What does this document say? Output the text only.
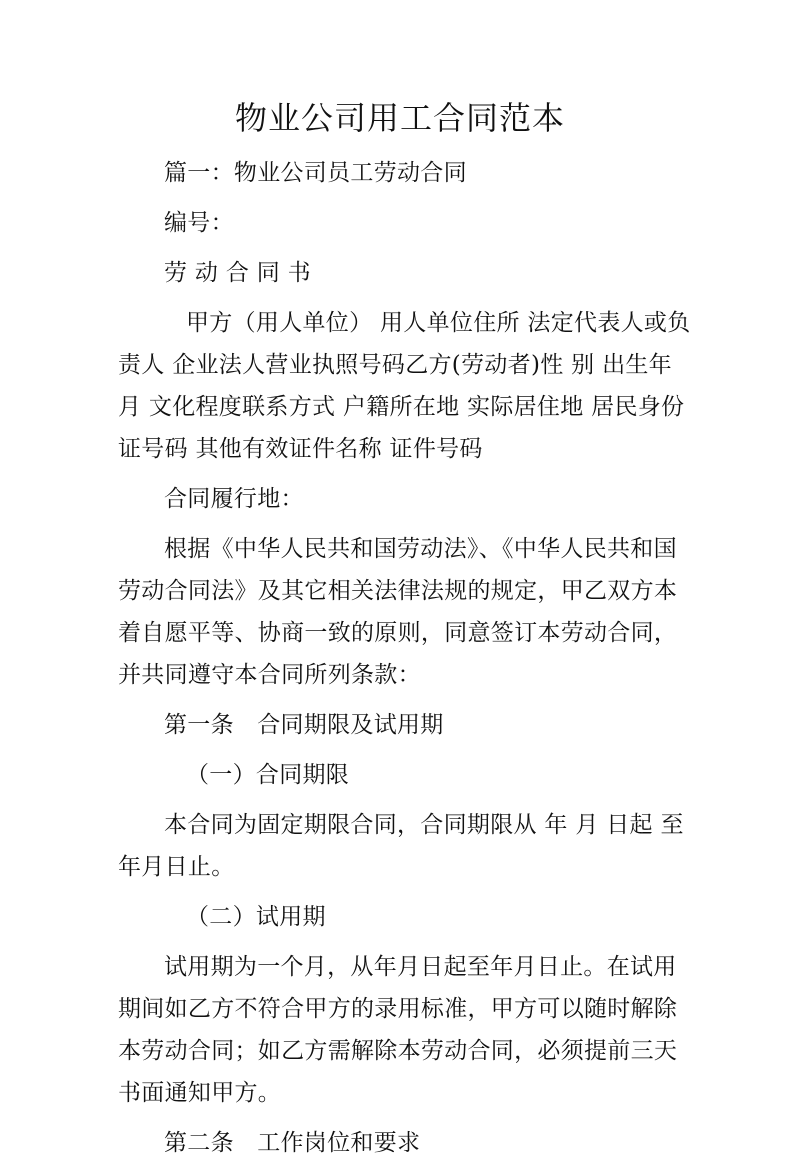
物业公司用工合同范本

篇一：物业公司员工劳动合同

编号：

劳 动 合 同 书

甲方（用人单位） 用人单位住所 法定代表人或负责人 企业法人营业执照号码乙方(劳动者)性 别 出生年月 文化程度联系方式 户籍所在地 实际居住地 居民身份证号码 其他有效证件名称 证件号码

合同履行地：

根据《中华人民共和国劳动法》、《中华人民共和国劳动合同法》及其它相关法律法规的规定，甲乙双方本着自愿平等、协商一致的原则，同意签订本劳动合同，并共同遵守本合同所列条款：

第一条　合同期限及试用期

（一）合同期限

本合同为固定期限合同，合同期限从 年 月 日起 至 年月日止。

（二）试用期

试用期为一个月，从年月日起至年月日止。在试用期间如乙方不符合甲方的录用标准，甲方可以随时解除本劳动合同；如乙方需解除本劳动合同，必须提前三天书面通知甲方。

第二条　工作岗位和要求
